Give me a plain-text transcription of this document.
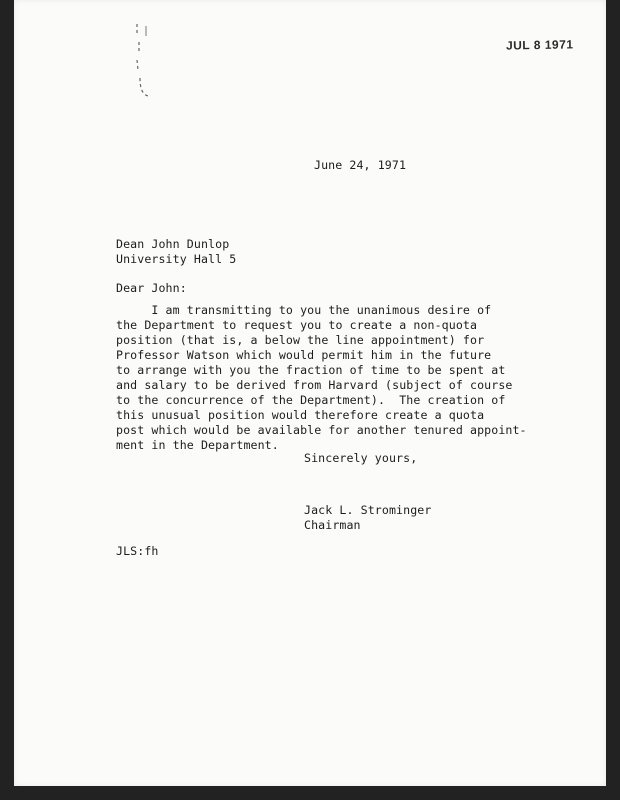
JUL 8 1971
June 24, 1971
Dean John Dunlop
University Hall 5
Dear John:
I am transmitting to you the unanimous desire of
the Department to request you to create a non-quota
position (that is, a below the line appointment) for
Professor Watson which would permit him in the future
to arrange with you the fraction of time to be spent at
and salary to be derived from Harvard (subject of course
to the concurrence of the Department).  The creation of
this unusual position would therefore create a quota
post which would be available for another tenured appoint-
ment in the Department.
Sincerely yours,
Jack L. Strominger
Chairman
JLS:fh
